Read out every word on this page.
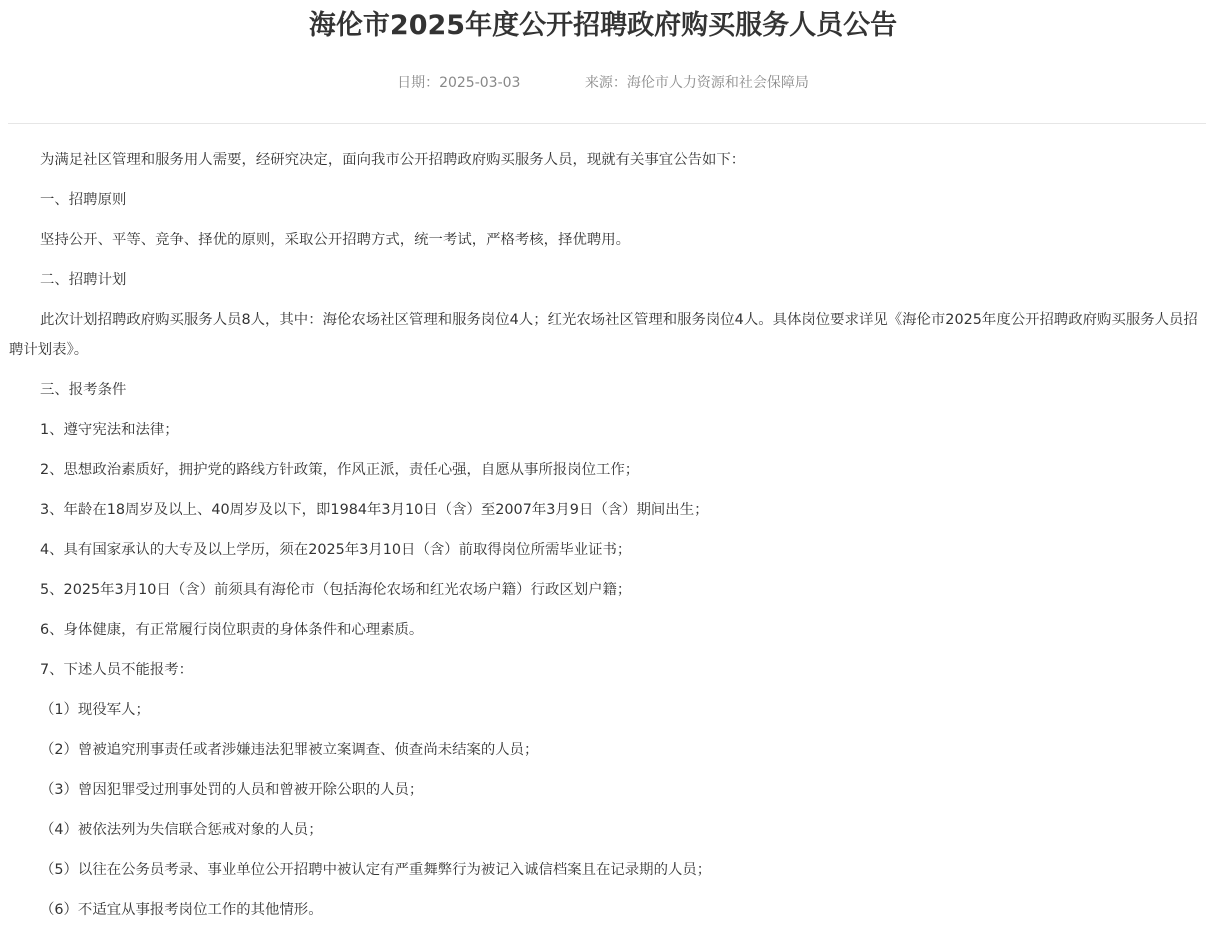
海伦市2025年度公开招聘政府购买服务人员公告
日期：2025-03-03	来源：海伦市人力资源和社会保障局

为满足社区管理和服务用人需要，经研究决定，面向我市公开招聘政府购买服务人员，现就有关事宜公告如下：

一、招聘原则

坚持公开、平等、竞争、择优的原则，采取公开招聘方式，统一考试，严格考核，择优聘用。

二、招聘计划

此次计划招聘政府购买服务人员8人，其中：海伦农场社区管理和服务岗位4人；红光农场社区管理和服务岗位4人。具体岗位要求详见《海伦市2025年度公开招聘政府购买服务人员招聘计划表》。

三、报考条件

1、遵守宪法和法律；

2、思想政治素质好，拥护党的路线方针政策，作风正派，责任心强，自愿从事所报岗位工作；

3、年龄在18周岁及以上、40周岁及以下，即1984年3月10日（含）至2007年3月9日（含）期间出生；

4、具有国家承认的大专及以上学历，须在2025年3月10日（含）前取得岗位所需毕业证书；

5、2025年3月10日（含）前须具有海伦市（包括海伦农场和红光农场户籍）行政区划户籍；

6、身体健康，有正常履行岗位职责的身体条件和心理素质。

7、下述人员不能报考：

（1）现役军人；

（2）曾被追究刑事责任或者涉嫌违法犯罪被立案调查、侦查尚未结案的人员；

（3）曾因犯罪受过刑事处罚的人员和曾被开除公职的人员；

（4）被依法列为失信联合惩戒对象的人员；

（5）以往在公务员考录、事业单位公开招聘中被认定有严重舞弊行为被记入诚信档案且在记录期的人员；

（6）不适宜从事报考岗位工作的其他情形。
